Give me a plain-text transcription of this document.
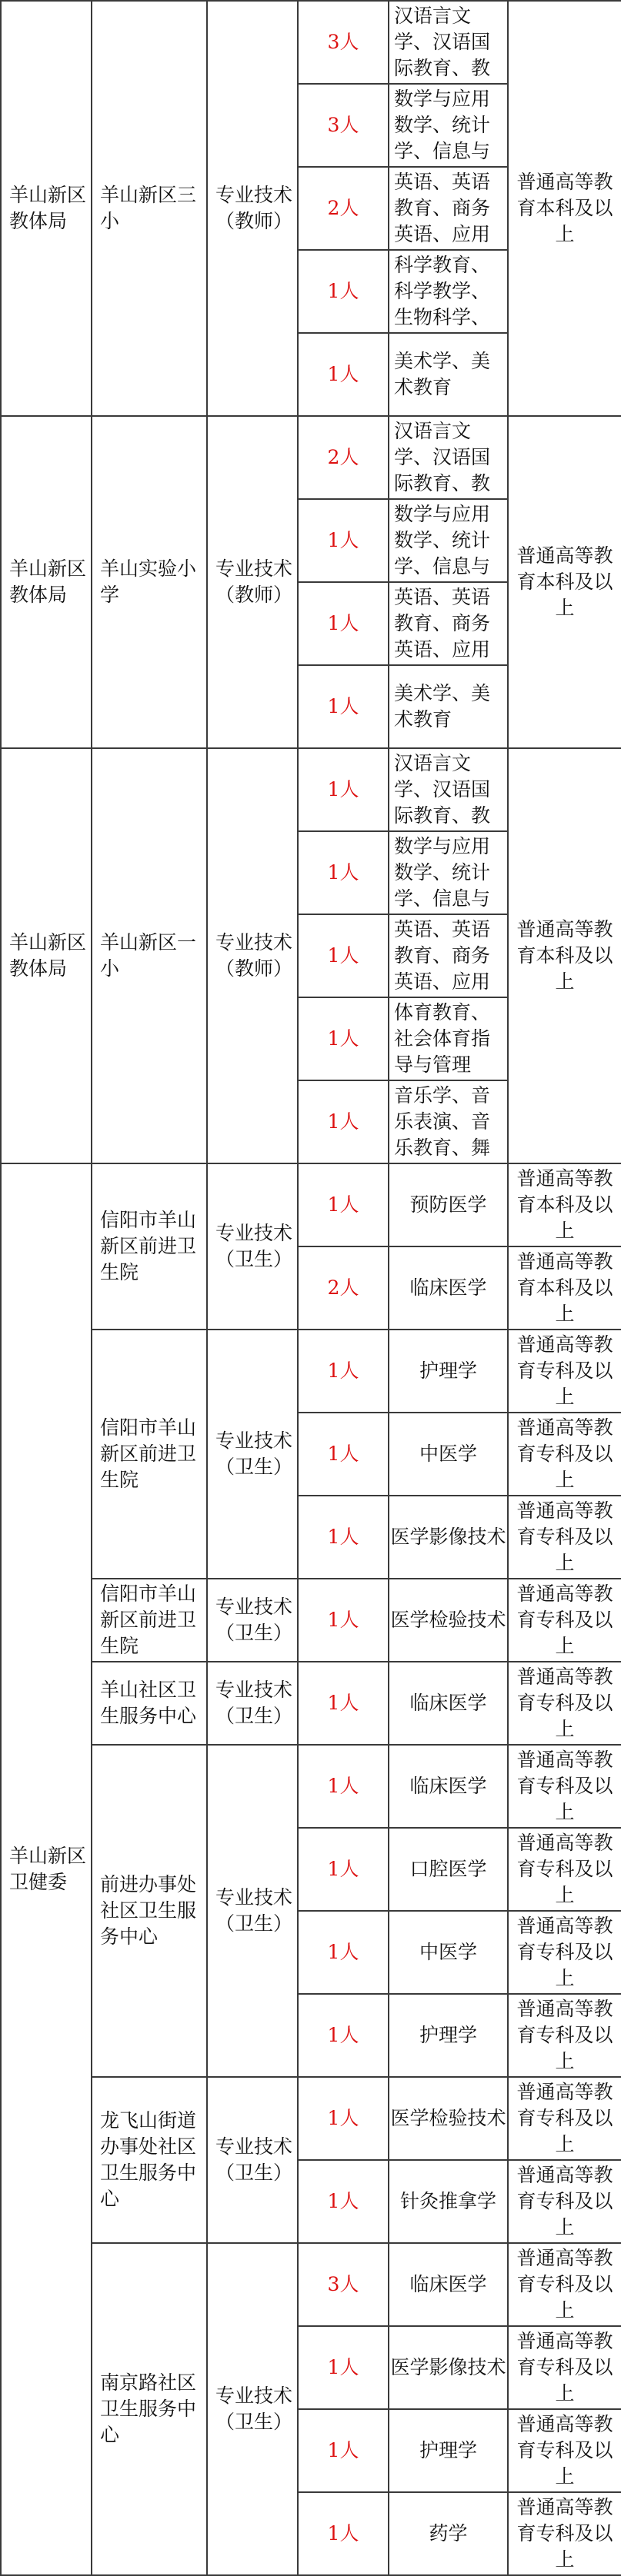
羊山新区教体局	羊山新区三小	专业技术（教师）	3人	汉语言文学、汉语国际教育、教	普通高等教育本科及以上
			3人	数学与应用数学、统计学、信息与	

			2人	英语、英语教育、商务英语、应用	

			1人	科学教育、科学教学、生物科学、	

			1人	美术学、美术教育	

羊山新区教体局	羊山实验小学	专业技术（教师）	2人	汉语言文学、汉语国际教育、教	普通高等教育本科及以上
			1人	数学与应用数学、统计学、信息与	

			1人	英语、英语教育、商务英语、应用	

			1人	美术学、美术教育	

羊山新区教体局	羊山新区一小	专业技术（教师）	1人	汉语言文学、汉语国际教育、教	普通高等教育本科及以上
			1人	数学与应用数学、统计学、信息与	

			1人	英语、英语教育、商务英语、应用	

			1人	体育教育、社会体育指导与管理	

			1人	音乐学、音乐表演、音乐教育、舞	

羊山新区卫健委	信阳市羊山新区前进卫生院	专业技术（卫生）	1人	预防医学	普通高等教育本科及以上

			2人	临床医学	普通高等教育本科及以上

	信阳市羊山新区前进卫生院	专业技术（卫生）	1人	护理学	普通高等教育专科及以上

			1人	中医学	普通高等教育专科及以上

			1人	医学影像技术	普通高等教育专科及以上

	信阳市羊山新区前进卫生院	专业技术（卫生）	1人	医学检验技术	普通高等教育专科及以上

	羊山社区卫生服务中心	专业技术（卫生）	1人	临床医学	普通高等教育专科及以上

	前进办事处社区卫生服务中心	专业技术（卫生）	1人	临床医学	普通高等教育专科及以上

			1人	口腔医学	普通高等教育专科及以上

			1人	中医学	普通高等教育专科及以上

			1人	护理学	普通高等教育专科及以上

	龙飞山街道办事处社区卫生服务中心	专业技术（卫生）	1人	医学检验技术	普通高等教育专科及以上

			1人	针灸推拿学	普通高等教育专科及以上

	南京路社区卫生服务中心	专业技术（卫生）	3人	临床医学	普通高等教育专科及以上

			1人	医学影像技术	普通高等教育专科及以上

			1人	护理学	普通高等教育专科及以上

			1人	药学	普通高等教育专科及以上
